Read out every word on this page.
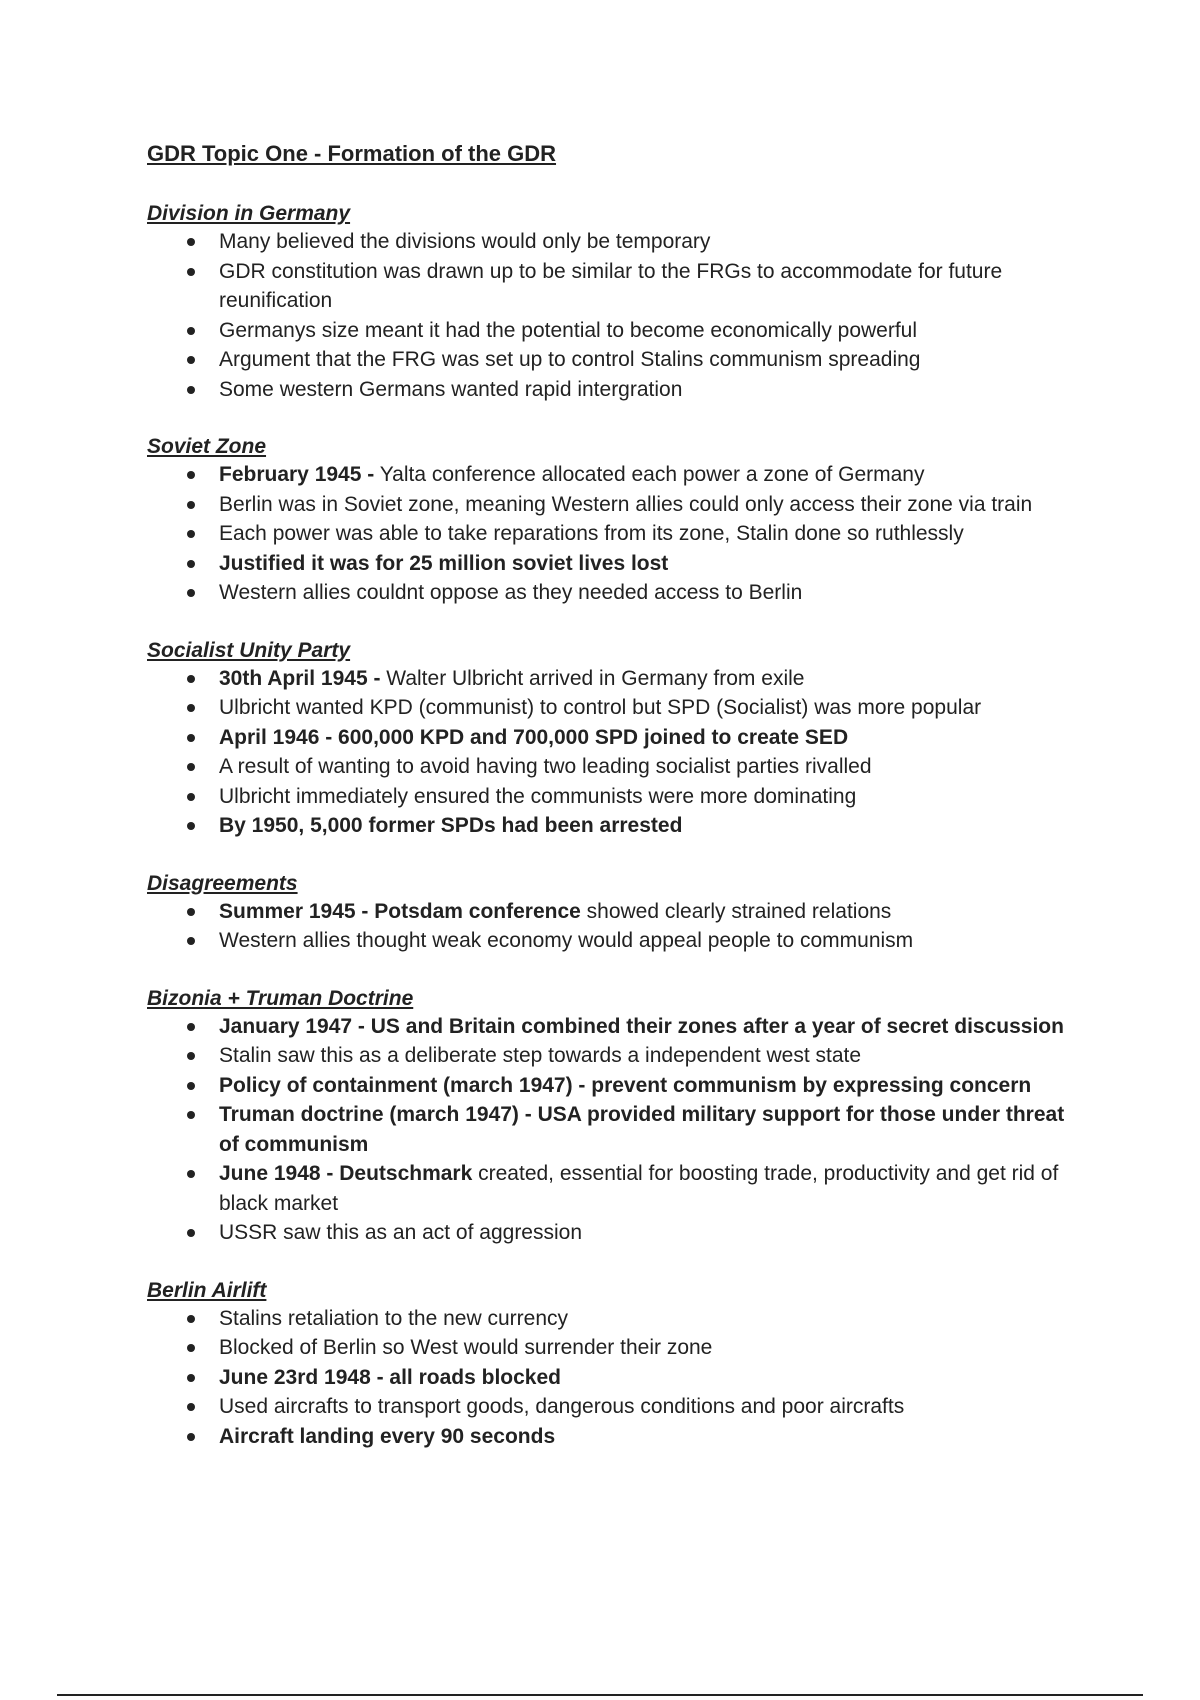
GDR Topic One - Formation of the GDR
Division in Germany
Many believed the divisions would only be temporary
GDR constitution was drawn up to be similar to the FRGs to accommodate for future reunification
Germanys size meant it had the potential to become economically powerful
Argument that the FRG was set up to control Stalins communism spreading
Some western Germans wanted rapid intergration
Soviet Zone
February 1945 - Yalta conference allocated each power a zone of Germany
Berlin was in Soviet zone, meaning Western allies could only access their zone via train
Each power was able to take reparations from its zone, Stalin done so ruthlessly
Justified it was for 25 million soviet lives lost
Western allies couldnt oppose as they needed access to Berlin
Socialist Unity Party
30th April 1945 - Walter Ulbricht arrived in Germany from exile
Ulbricht wanted KPD (communist) to control but SPD (Socialist) was more popular
April 1946 - 600,000 KPD and 700,000 SPD joined to create SED
A result of wanting to avoid having two leading socialist parties rivalled
Ulbricht immediately ensured the communists were more dominating
By 1950, 5,000 former SPDs had been arrested
Disagreements
Summer 1945 - Potsdam conference showed clearly strained relations
Western allies thought weak economy would appeal people to communism
Bizonia + Truman Doctrine
January 1947 - US and Britain combined their zones after a year of secret discussion
Stalin saw this as a deliberate step towards a independent west state
Policy of containment (march 1947) - prevent communism by expressing concern
Truman doctrine (march 1947) - USA provided military support for those under threat of communism
June 1948 - Deutschmark created, essential for boosting trade, productivity and get rid of black market
USSR saw this as an act of aggression
Berlin Airlift
Stalins retaliation to the new currency
Blocked of Berlin so West would surrender their zone
June 23rd 1948 - all roads blocked
Used aircrafts to transport goods, dangerous conditions and poor aircrafts
Aircraft landing every 90 seconds
